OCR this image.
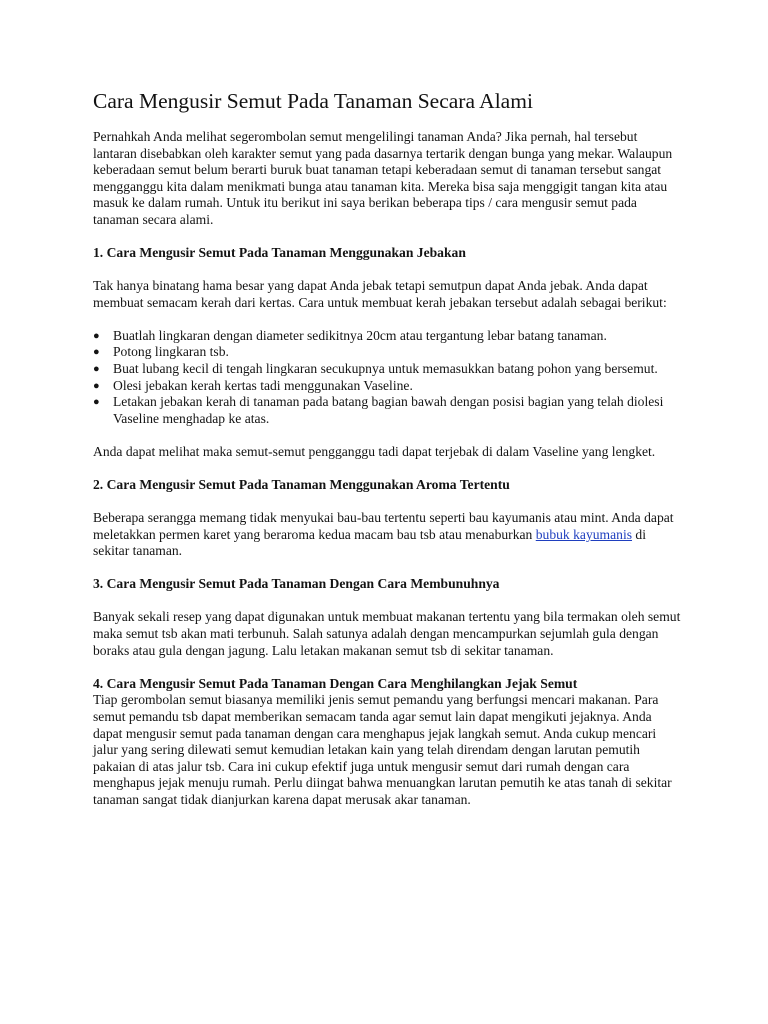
Cara Mengusir Semut Pada Tanaman Secara Alami

Pernahkah Anda melihat segerombolan semut mengelilingi tanaman Anda? Jika pernah, hal tersebut lantaran disebabkan oleh karakter semut yang pada dasarnya tertarik dengan bunga yang mekar. Walaupun keberadaan semut belum berarti buruk buat tanaman tetapi keberadaan semut di tanaman tersebut sangat mengganggu kita dalam menikmati bunga atau tanaman kita. Mereka bisa saja menggigit tangan kita atau masuk ke dalam rumah. Untuk itu berikut ini saya berikan beberapa tips / cara mengusir semut pada tanaman secara alami.

1. Cara Mengusir Semut Pada Tanaman Menggunakan Jebakan

Tak hanya binatang hama besar yang dapat Anda jebak tetapi semutpun dapat Anda jebak. Anda dapat membuat semacam kerah dari kertas. Cara untuk membuat kerah jebakan tersebut adalah sebagai berikut:

● Buatlah lingkaran dengan diameter sedikitnya 20cm atau tergantung lebar batang tanaman.
● Potong lingkaran tsb.
● Buat lubang kecil di tengah lingkaran secukupnya untuk memasukkan batang pohon yang bersemut.
● Olesi jebakan kerah kertas tadi menggunakan Vaseline.
● Letakan jebakan kerah di tanaman pada batang bagian bawah dengan posisi bagian yang telah diolesi Vaseline menghadap ke atas.

Anda dapat melihat maka semut-semut pengganggu tadi dapat terjebak di dalam Vaseline yang lengket.

2. Cara Mengusir Semut Pada Tanaman Menggunakan Aroma Tertentu

Beberapa serangga memang tidak menyukai bau-bau tertentu seperti bau kayumanis atau mint. Anda dapat meletakkan permen karet yang beraroma kedua macam bau tsb atau menaburkan bubuk kayumanis di sekitar tanaman.

3. Cara Mengusir Semut Pada Tanaman Dengan Cara Membunuhnya

Banyak sekali resep yang dapat digunakan untuk membuat makanan tertentu yang bila termakan oleh semut maka semut tsb akan mati terbunuh. Salah satunya adalah dengan mencampurkan sejumlah gula dengan boraks atau gula dengan jagung. Lalu letakan makanan semut tsb di sekitar tanaman.

4. Cara Mengusir Semut Pada Tanaman Dengan Cara Menghilangkan Jejak Semut

Tiap gerombolan semut biasanya memiliki jenis semut pemandu yang berfungsi mencari makanan. Para semut pemandu tsb dapat memberikan semacam tanda agar semut lain dapat mengikuti jejaknya. Anda dapat mengusir semut pada tanaman dengan cara menghapus jejak langkah semut. Anda cukup mencari jalur yang sering dilewati semut kemudian letakan kain yang telah direndam dengan larutan pemutih pakaian di atas jalur tsb. Cara ini cukup efektif juga untuk mengusir semut dari rumah dengan cara menghapus jejak menuju rumah. Perlu diingat bahwa menuangkan larutan pemutih ke atas tanah di sekitar tanaman sangat tidak dianjurkan karena dapat merusak akar tanaman.
